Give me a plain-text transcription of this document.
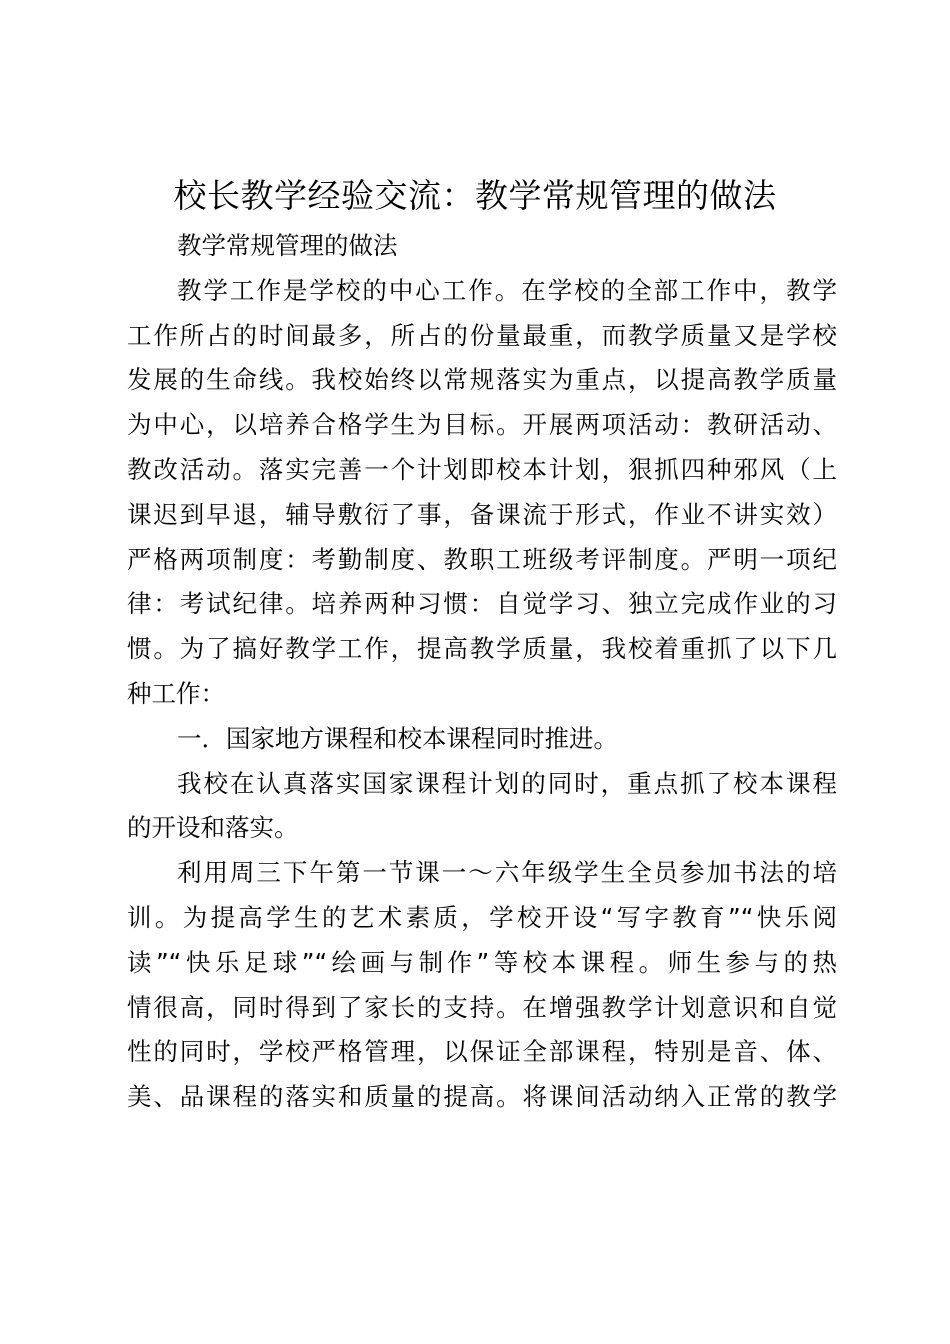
校长教学经验交流：教学常规管理的做法
教学常规管理的做法
教学工作是学校的中心工作。在学校的全部工作中，教学
工作所占的时间最多，所占的份量最重，而教学质量又是学校
发展的生命线。我校始终以常规落实为重点，以提高教学质量
为中心，以培养合格学生为目标。开展两项活动：教研活动、
教改活动。落实完善一个计划即校本计划，狠抓四种邪风（上
课迟到早退，辅导敷衍了事，备课流于形式，作业不讲实效）
严格两项制度：考勤制度、教职工班级考评制度。严明一项纪
律：考试纪律。培养两种习惯：自觉学习、独立完成作业的习
惯。为了搞好教学工作，提高教学质量，我校着重抓了以下几
种工作：
一．国家地方课程和校本课程同时推进。
我校在认真落实国家课程计划的同时，重点抓了校本课程
的开设和落实。
利用周三下午第一节课一～六年级学生全员参加书法的培
训。为提高学生的艺术素质，学校开设“写字教育”“快乐阅
读”“快乐足球”“绘画与制作”等校本课程。师生参与的热
情很高，同时得到了家长的支持。在增强教学计划意识和自觉
性的同时，学校严格管理，以保证全部课程，特别是音、体、
美、品课程的落实和质量的提高。将课间活动纳入正常的教学
